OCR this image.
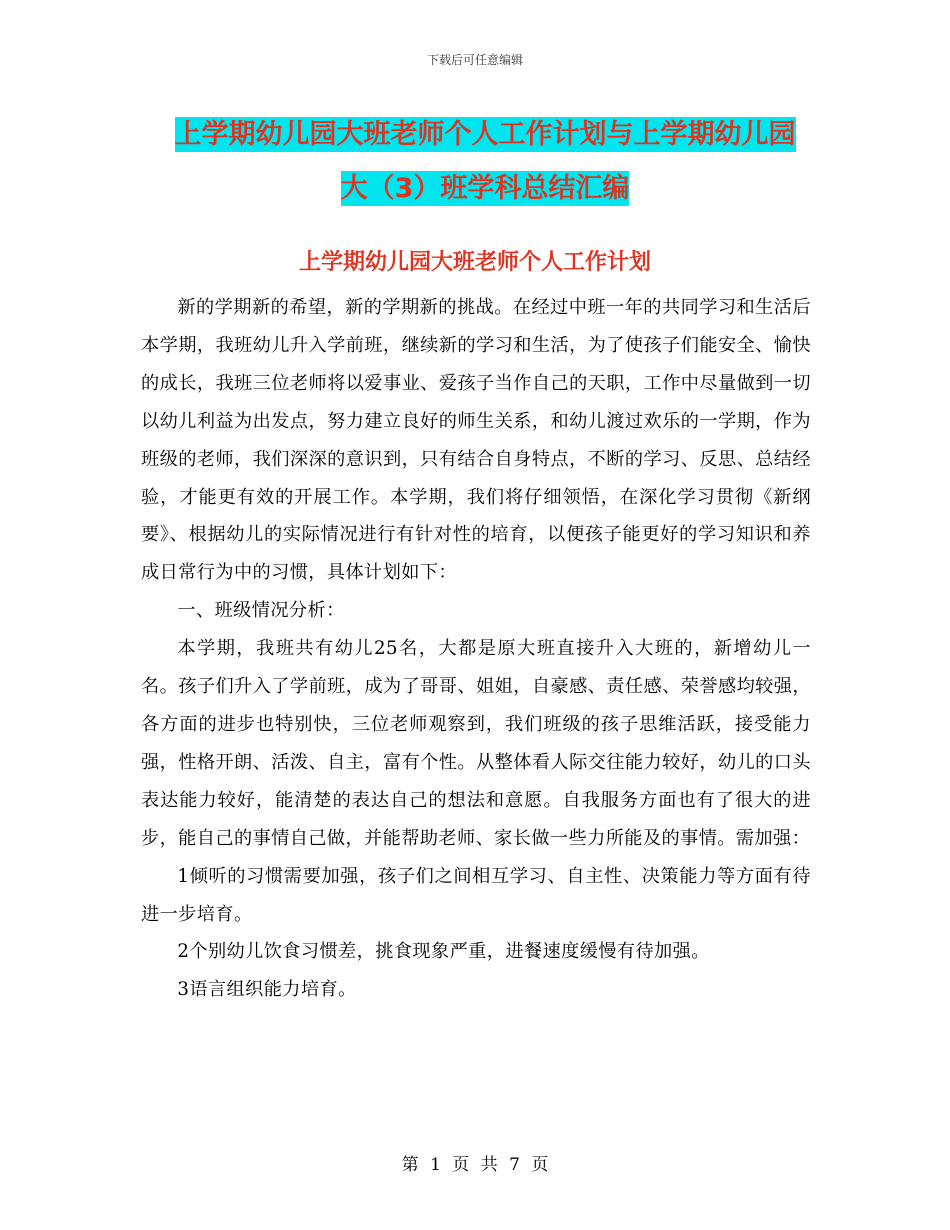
下载后可任意编辑
上学期幼儿园大班老师个人工作计划与上学期幼儿园
大（3）班学科总结汇编
上学期幼儿园大班老师个人工作计划

新的学期新的希望，新的学期新的挑战。在经过中班一年的共同学习和生活后本学期，我班幼儿升入学前班，继续新的学习和生活，为了使孩子们能安全、愉快的成长，我班三位老师将以爱事业、爱孩子当作自己的天职，工作中尽量做到一切以幼儿利益为出发点，努力建立良好的师生关系，和幼儿渡过欢乐的一学期，作为班级的老师，我们深深的意识到，只有结合自身特点，不断的学习、反思、总结经验，才能更有效的开展工作。本学期，我们将仔细领悟，在深化学习贯彻《新纲要》、根据幼儿的实际情况进行有针对性的培育，以便孩子能更好的学习知识和养成日常行为中的习惯，具体计划如下：

一、班级情况分析：

本学期，我班共有幼儿25名，大都是原大班直接升入大班的，新增幼儿一名。孩子们升入了学前班，成为了哥哥、姐姐，自豪感、责任感、荣誉感均较强，各方面的进步也特别快，三位老师观察到，我们班级的孩子思维活跃，接受能力强，性格开朗、活泼、自主，富有个性。从整体看人际交往能力较好，幼儿的口头表达能力较好，能清楚的表达自己的想法和意愿。自我服务方面也有了很大的进步，能自己的事情自己做，并能帮助老师、家长做一些力所能及的事情。需加强：

1倾听的习惯需要加强，孩子们之间相互学习、自主性、决策能力等方面有待进一步培育。

2个别幼儿饮食习惯差，挑食现象严重，进餐速度缓慢有待加强。

3语言组织能力培育。

第 1 页 共 7 页
